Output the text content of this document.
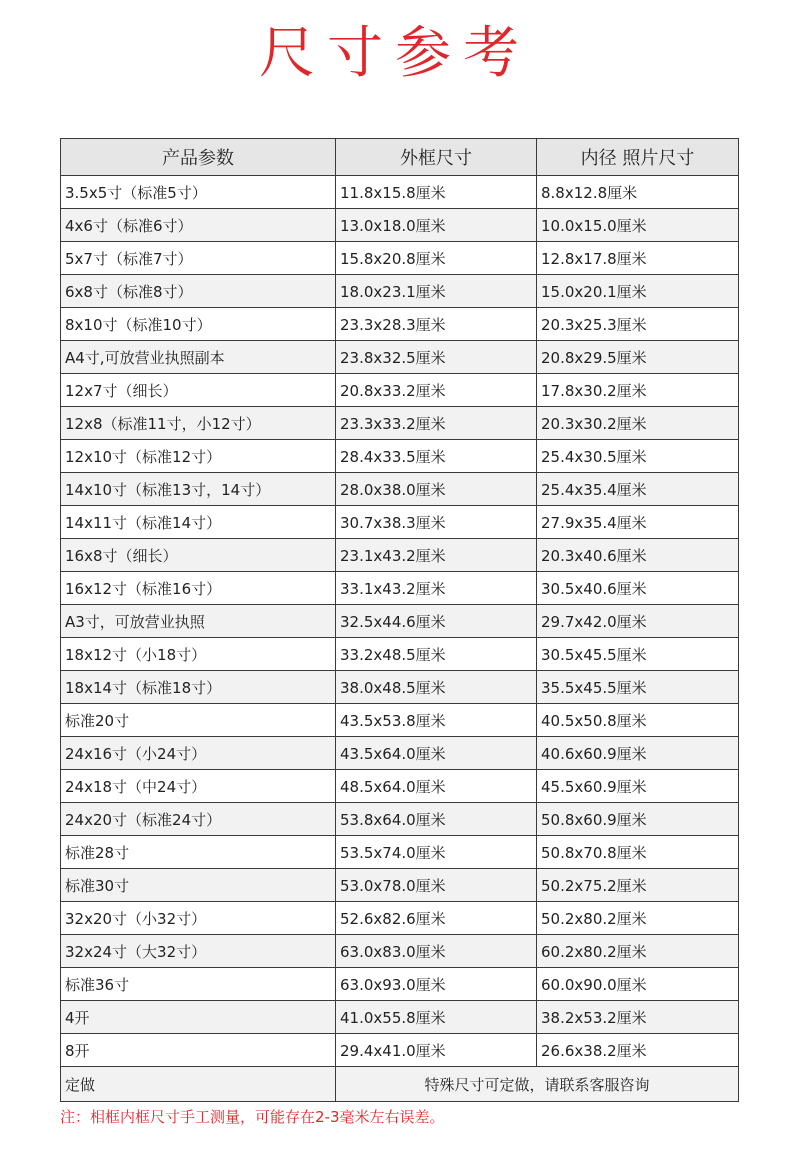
尺寸参考
产品参数	外框尺寸	内径 照片尺寸
3.5x5寸（标准5寸）	11.8x15.8厘米	8.8x12.8厘米
4x6寸（标准6寸）	13.0x18.0厘米	10.0x15.0厘米
5x7寸（标准7寸）	15.8x20.8厘米	12.8x17.8厘米
6x8寸（标准8寸）	18.0x23.1厘米	15.0x20.1厘米
8x10寸（标准10寸）	23.3x28.3厘米	20.3x25.3厘米
A4寸,可放营业执照副本	23.8x32.5厘米	20.8x29.5厘米
12x7寸（细长）	20.8x33.2厘米	17.8x30.2厘米
12x8（标准11寸，小12寸）	23.3x33.2厘米	20.3x30.2厘米
12x10寸（标准12寸）	28.4x33.5厘米	25.4x30.5厘米
14x10寸（标准13寸，14寸）	28.0x38.0厘米	25.4x35.4厘米
14x11寸（标准14寸）	30.7x38.3厘米	27.9x35.4厘米
16x8寸（细长）	23.1x43.2厘米	20.3x40.6厘米
16x12寸（标准16寸）	33.1x43.2厘米	30.5x40.6厘米
A3寸，可放营业执照	32.5x44.6厘米	29.7x42.0厘米
18x12寸（小18寸）	33.2x48.5厘米	30.5x45.5厘米
18x14寸（标准18寸）	38.0x48.5厘米	35.5x45.5厘米
标准20寸	43.5x53.8厘米	40.5x50.8厘米
24x16寸（小24寸）	43.5x64.0厘米	40.6x60.9厘米
24x18寸（中24寸）	48.5x64.0厘米	45.5x60.9厘米
24x20寸（标准24寸）	53.8x64.0厘米	50.8x60.9厘米
标准28寸	53.5x74.0厘米	50.8x70.8厘米
标准30寸	53.0x78.0厘米	50.2x75.2厘米
32x20寸（小32寸）	52.6x82.6厘米	50.2x80.2厘米
32x24寸（大32寸）	63.0x83.0厘米	60.2x80.2厘米
标准36寸	63.0x93.0厘米	60.0x90.0厘米
4开	41.0x55.8厘米	38.2x53.2厘米
8开	29.4x41.0厘米	26.6x38.2厘米
定做	特殊尺寸可定做，请联系客服咨询	

注：相框内框尺寸手工测量，可能存在2-3毫米左右误差。
